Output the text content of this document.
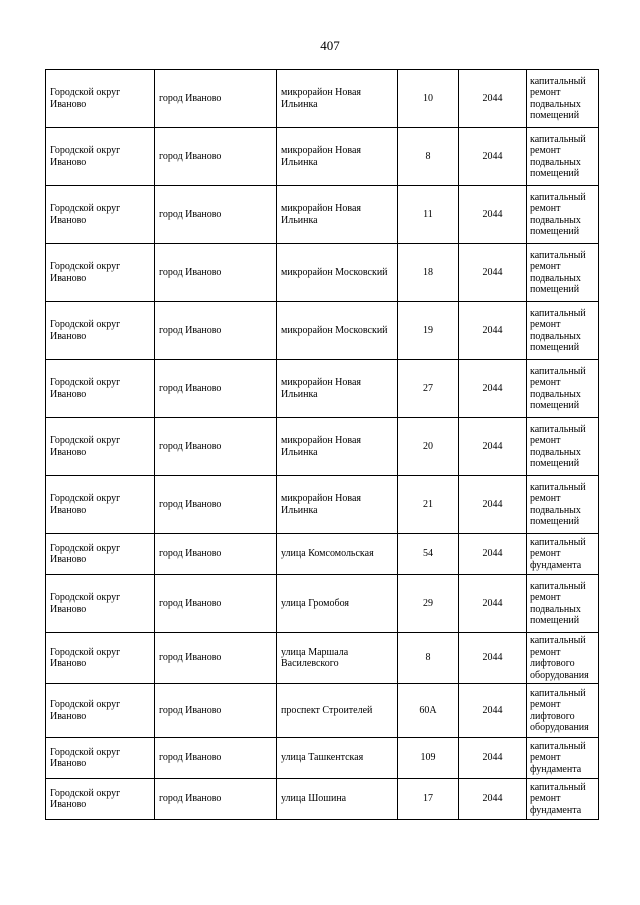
407
Городской округ Иваново	город Иваново	микрорайон Новая Ильинка	10	2044	капитальный ремонт подвальных помещений
Городской округ Иваново	город Иваново	микрорайон Новая Ильинка	8	2044	капитальный ремонт подвальных помещений
Городской округ Иваново	город Иваново	микрорайон Новая Ильинка	11	2044	капитальный ремонт подвальных помещений
Городской округ Иваново	город Иваново	микрорайон Московский	18	2044	капитальный ремонт подвальных помещений
Городской округ Иваново	город Иваново	микрорайон Московский	19	2044	капитальный ремонт подвальных помещений
Городской округ Иваново	город Иваново	микрорайон Новая Ильинка	27	2044	капитальный ремонт подвальных помещений
Городской округ Иваново	город Иваново	микрорайон Новая Ильинка	20	2044	капитальный ремонт подвальных помещений
Городской округ Иваново	город Иваново	микрорайон Новая Ильинка	21	2044	капитальный ремонт подвальных помещений
Городской округ Иваново	город Иваново	улица Комсомольская	54	2044	капитальный ремонт фундамента
Городской округ Иваново	город Иваново	улица Громобоя	29	2044	капитальный ремонт подвальных помещений
Городской округ Иваново	город Иваново	улица Маршала Василевского	8	2044	капитальный ремонт лифтового оборудования
Городской округ Иваново	город Иваново	проспект Строителей	60А	2044	капитальный ремонт лифтового оборудования
Городской округ Иваново	город Иваново	улица Ташкентская	109	2044	капитальный ремонт фундамента
Городской округ Иваново	город Иваново	улица Шошина	17	2044	капитальный ремонт фундамента
